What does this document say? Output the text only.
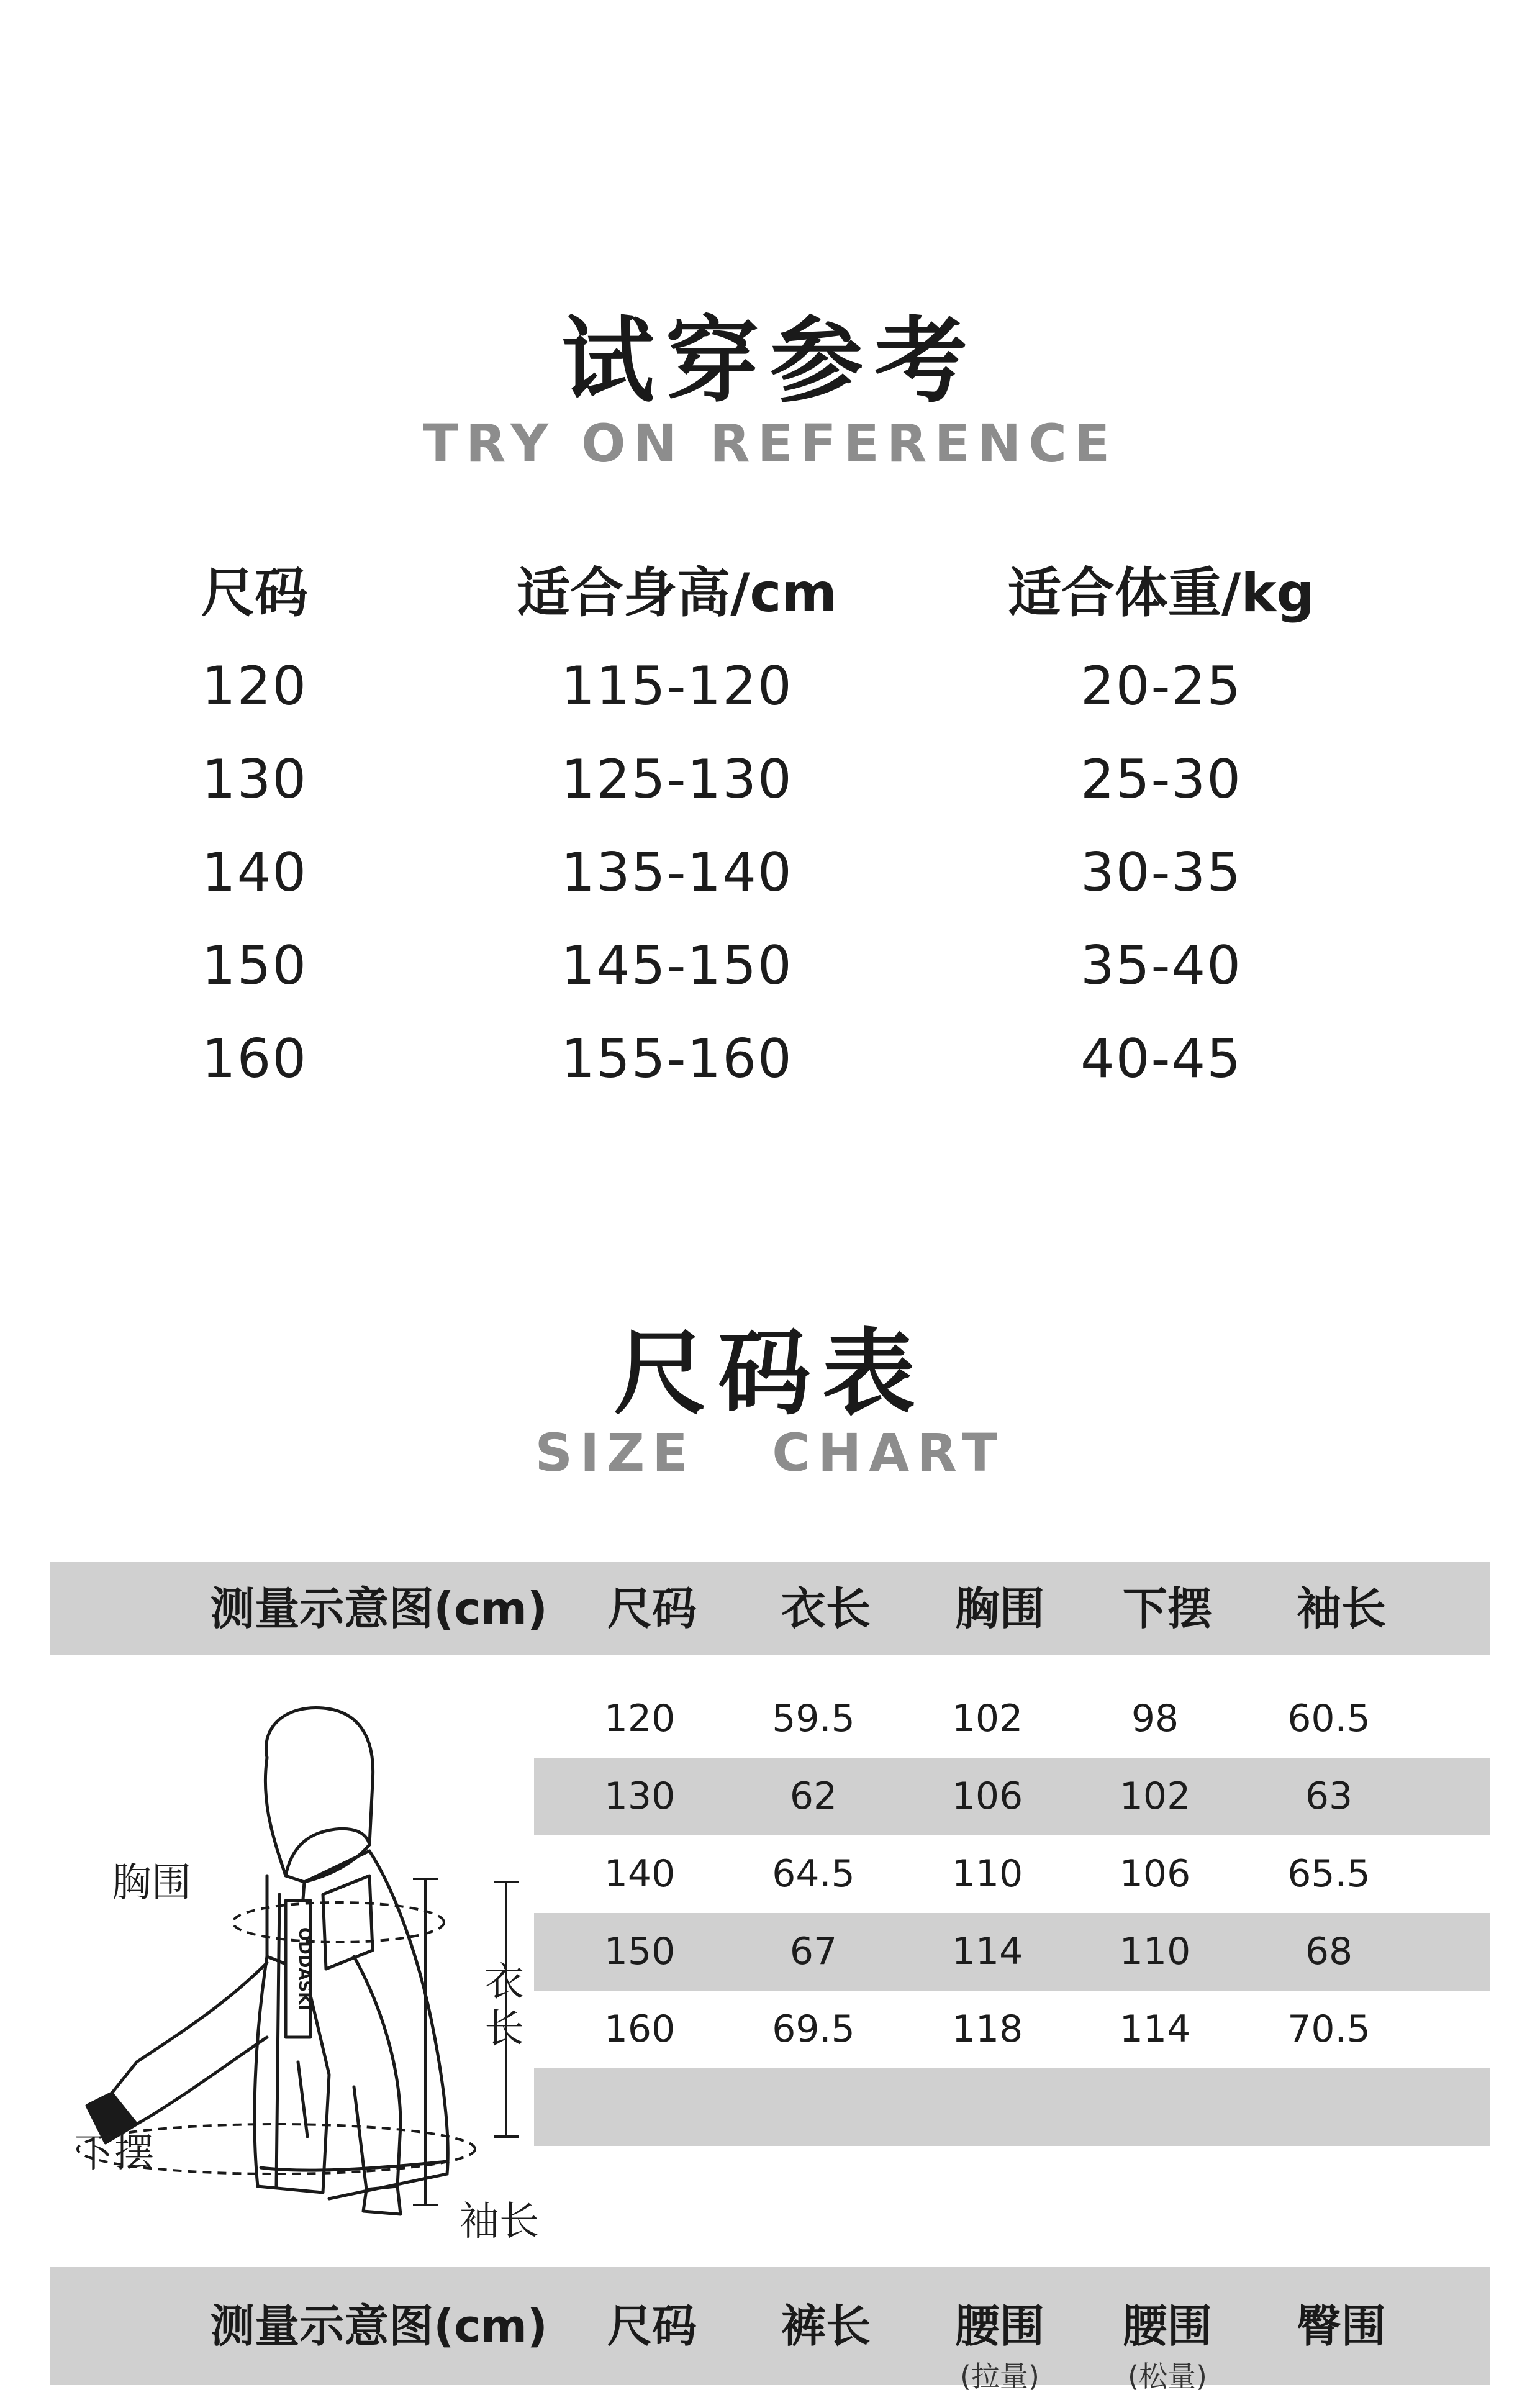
试穿参考
TRY ON REFERENCE
尺码	适合身高/cm	适合体重/kg
120	115-120	20-25
130	125-130	25-30
140	135-140	30-35
150	145-150	35-40
160	155-160	40-45
尺码表
SIZE   CHART
测量示意图(cm)	尺码	衣长	胸围	下摆	袖长
120	59.5	102	98	60.5
130	62	106	102	63
140	64.5	110	106	65.5
150	67	114	110	68
160	69.5	118	114	70.5
ODDASKI
胸围
下摆
衣
长
袖长
测量示意图(cm)	尺码	裤长	腰围	腰围	臀围
(拉量)	(松量)
